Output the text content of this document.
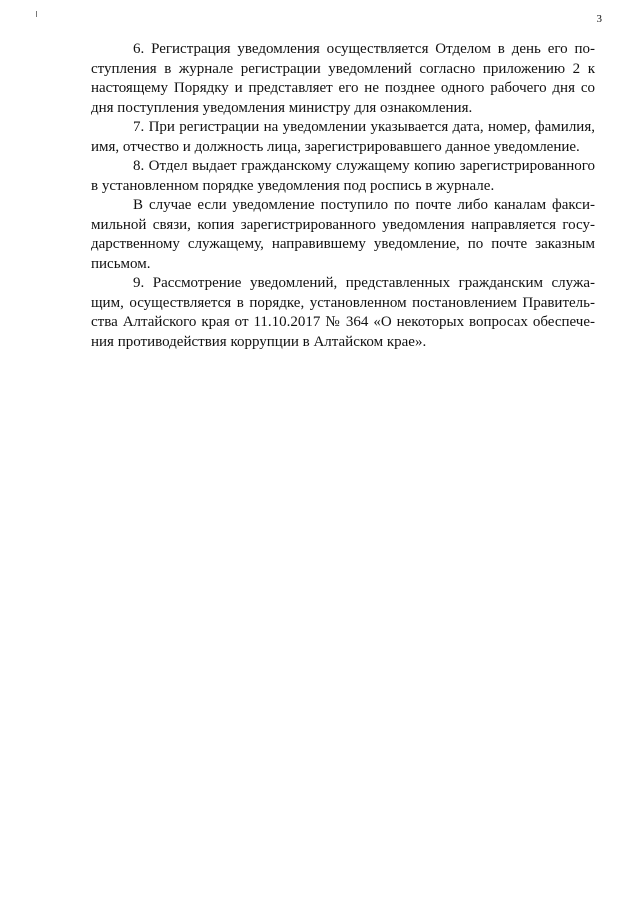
3

6. Регистрация уведомления осуществляется Отделом в день его поступления в журнале регистрации уведомлений согласно приложению 2 к настоящему Порядку и представляет его не позднее одного рабочего дня со дня поступления уведомления министру для ознакомления.

7. При регистрации на уведомлении указывается дата, номер, фамилия, имя, отчество и должность лица, зарегистрировавшего данное уведомление.

8. Отдел выдает гражданскому служащему копию зарегистрированного в установленном порядке уведомления под роспись в журнале.

В случае если уведомление поступило по почте либо каналам факсимильной связи, копия зарегистрированного уведомления направляется государственному служащему, направившему уведомление, по почте заказным письмом.

9. Рассмотрение уведомлений, представленных гражданским служащим, осуществляется в порядке, установленном постановлением Правительства Алтайского края от 11.10.2017 № 364 «О некоторых вопросах обеспечения противодействия коррупции в Алтайском крае».
